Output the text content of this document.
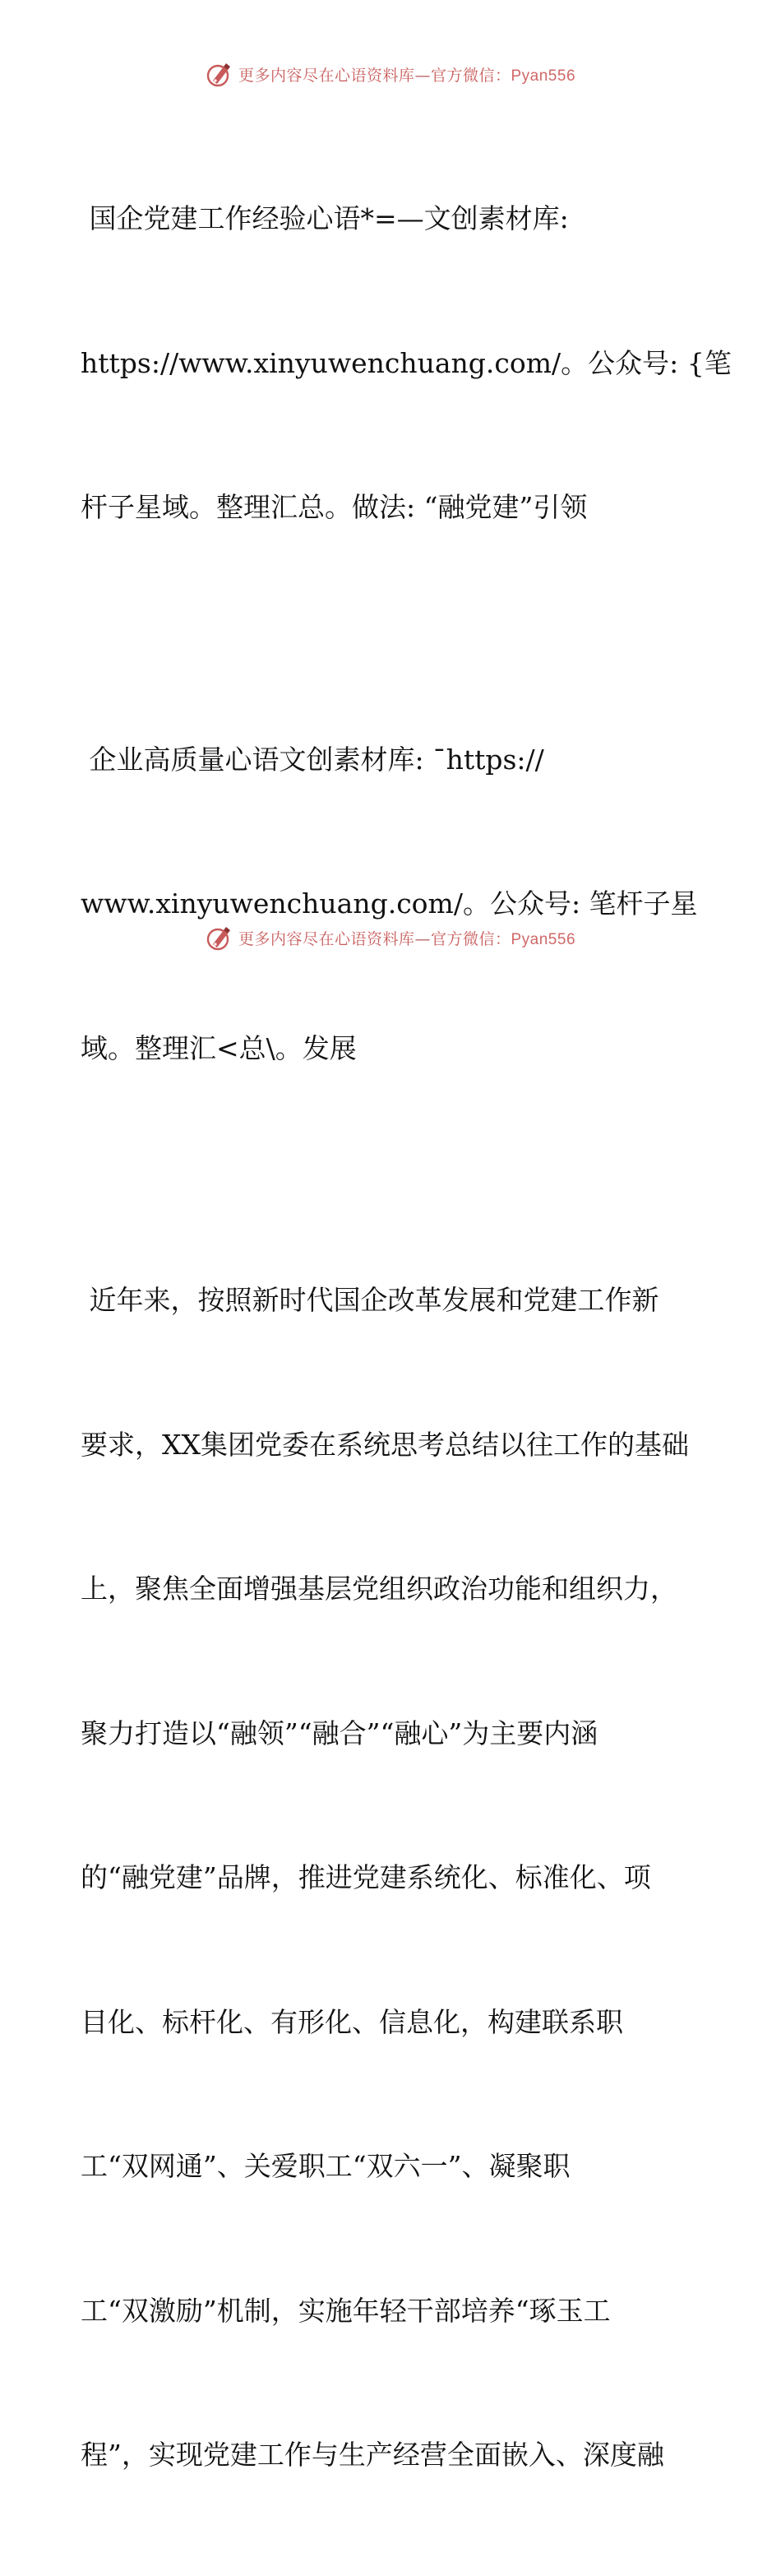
更多内容尽在心语资料库—官方微信：Pyan556

国企党建工作经验心语*=—文创素材库:

https://www.xinyuwenchuang.com/。公众号: {笔

杆子星域。整理汇总。做法: “融党建”引领

企业高质量心语文创素材库: ¯https://

www.xinyuwenchuang.com/。公众号: 笔杆子星

域。整理汇<总\。发展

近年来，按照新时代国企改革发展和党建工作新

要求，XX集团党委在系统思考总结以往工作的基础

上，聚焦全面增强基层党组织政治功能和组织力，

聚力打造以“融领”“融合”“融心”为主要内涵

的“融党建”品牌，推进党建系统化、标准化、项

目化、标杆化、有形化、信息化，构建联系职

工“双网通”、关爱职工“双六一”、凝聚职

工“双激励”机制，实施年轻干部培养“琢玉工

程”，实现党建工作与生产经营全面嵌入、深度融

更多内容尽在心语资料库—官方微信：Pyan556
